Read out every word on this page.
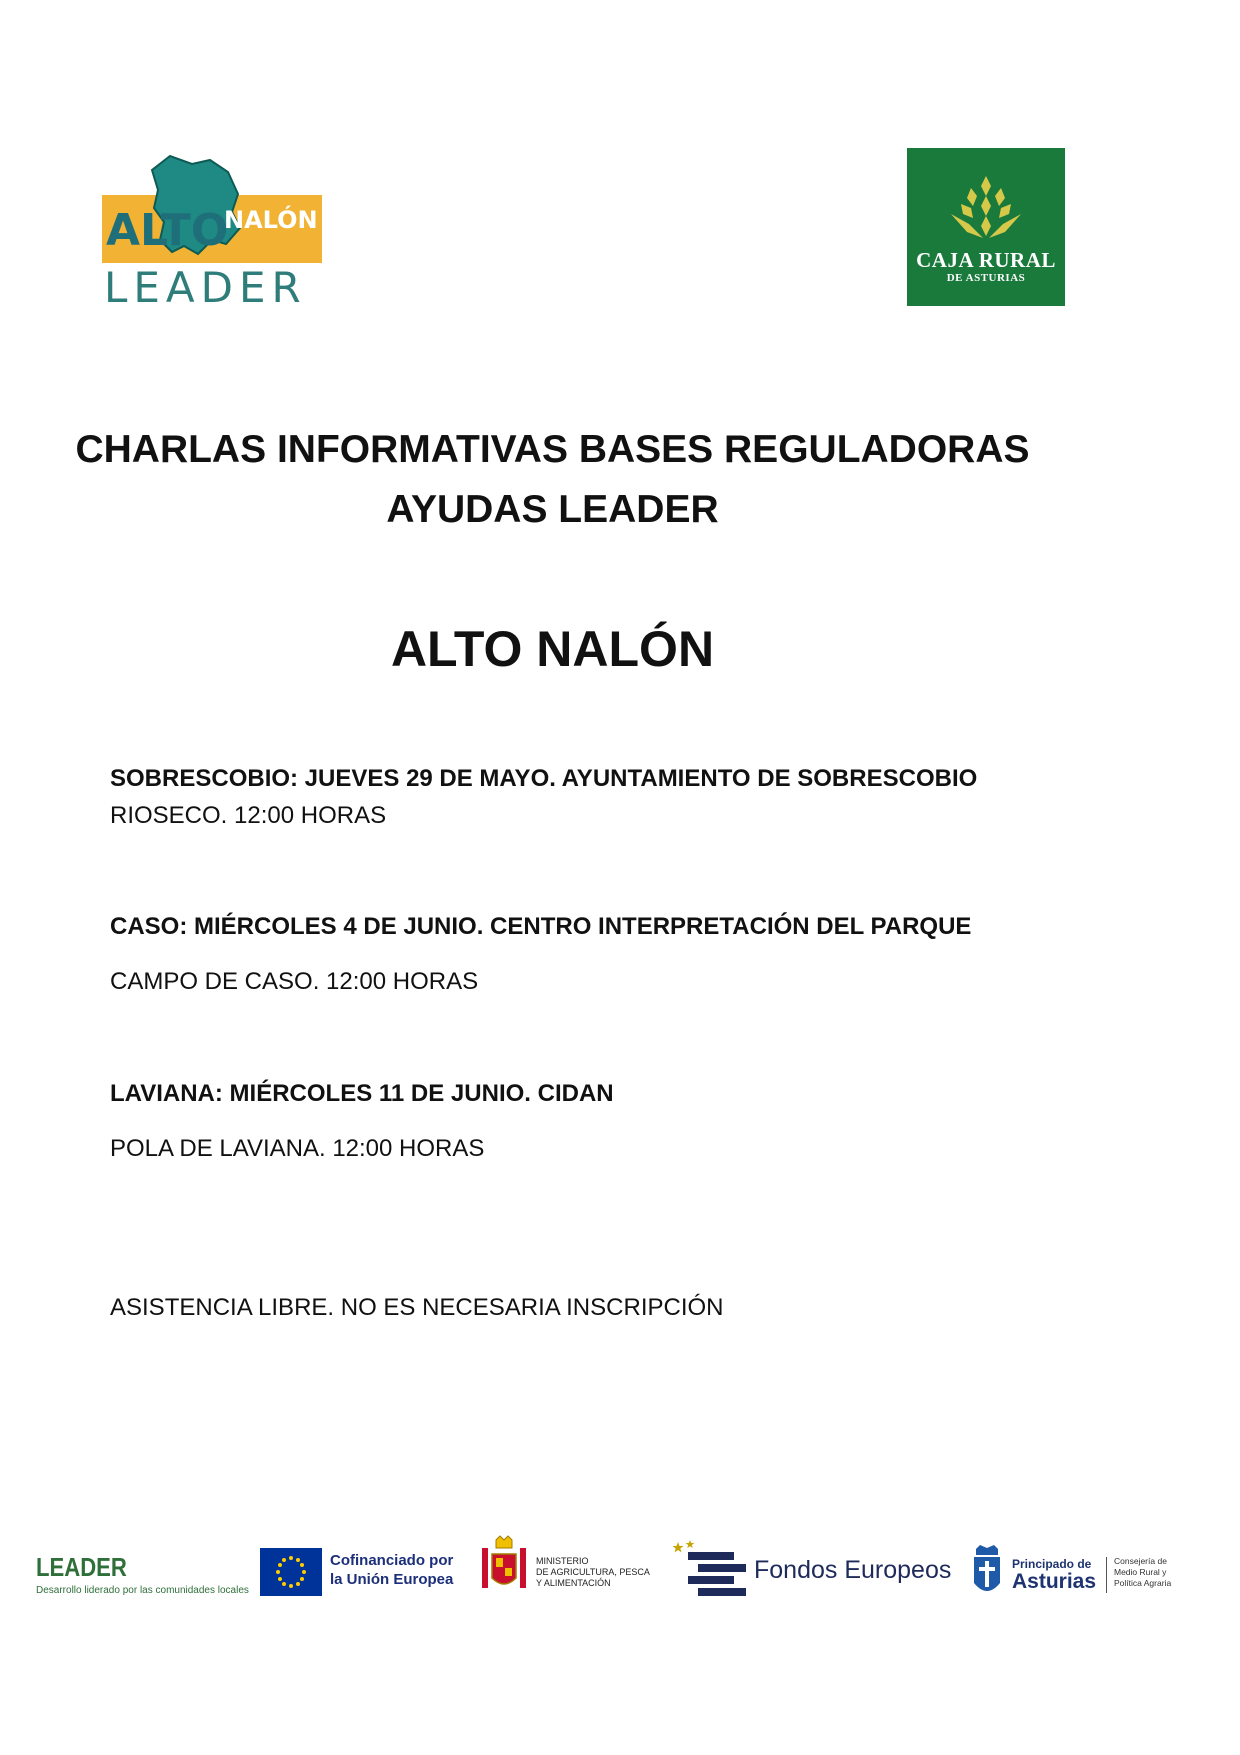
ALTO
NALÓN
LEADER
CAJA RURAL
DE ASTURIAS
CHARLAS INFORMATIVAS BASES REGULADORAS
AYUDAS LEADER
ALTO NALÓN
SOBRESCOBIO: JUEVES 29 DE MAYO. AYUNTAMIENTO DE SOBRESCOBIO
RIOSECO. 12:00 HORAS
CASO: MIÉRCOLES 4 DE JUNIO. CENTRO INTERPRETACIÓN DEL PARQUE
CAMPO DE CASO. 12:00 HORAS
LAVIANA: MIÉRCOLES 11 DE JUNIO. CIDAN
POLA DE LAVIANA. 12:00 HORAS
ASISTENCIA LIBRE. NO ES NECESARIA INSCRIPCIÓN
LEADER
Desarrollo liderado por las comunidades locales
Cofinanciado por
la Unión Europea
MINISTERIO
DE AGRICULTURA, PESCA
Y ALIMENTACIÓN	Fondos Europeos	Principado de
Asturias
Consejería de
Medio Rural y
Política Agraria
